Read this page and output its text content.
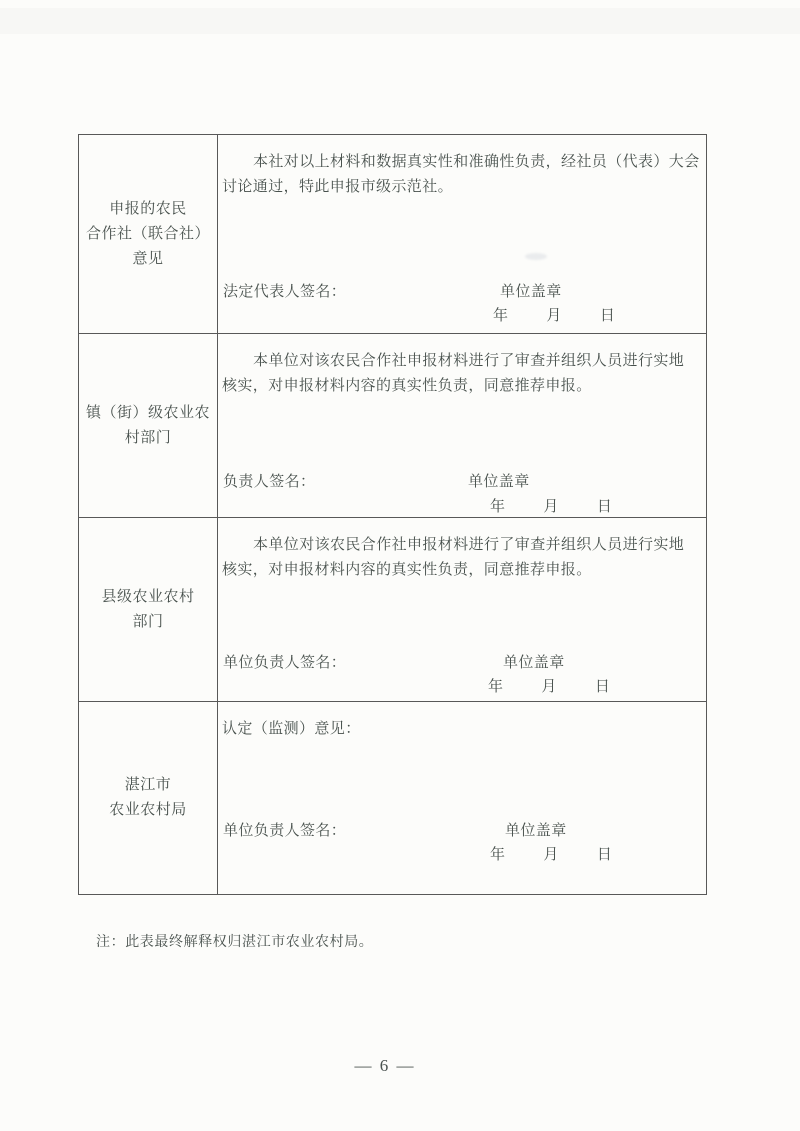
申报的农民
合作社（联合社）
意见
本社对以上材料和数据真实性和准确性负责，经社员（代表）大会
讨论通过，特此申报市级示范社。
法定代表人签名：	单位盖章
年	月	日
镇（街）级农业农
村部门
本单位对该农民合作社申报材料进行了审查并组织人员进行实地
核实，对申报材料内容的真实性负责，同意推荐申报。
负责人签名：	单位盖章
年	月	日
县级农业农村
部门
本单位对该农民合作社申报材料进行了审查并组织人员进行实地
核实，对申报材料内容的真实性负责，同意推荐申报。
单位负责人签名：	单位盖章
年	月	日
湛江市
农业农村局
认定（监测）意见：
单位负责人签名：	单位盖章
年	月	日
注：此表最终解释权归湛江市农业农村局。
— 6 —
